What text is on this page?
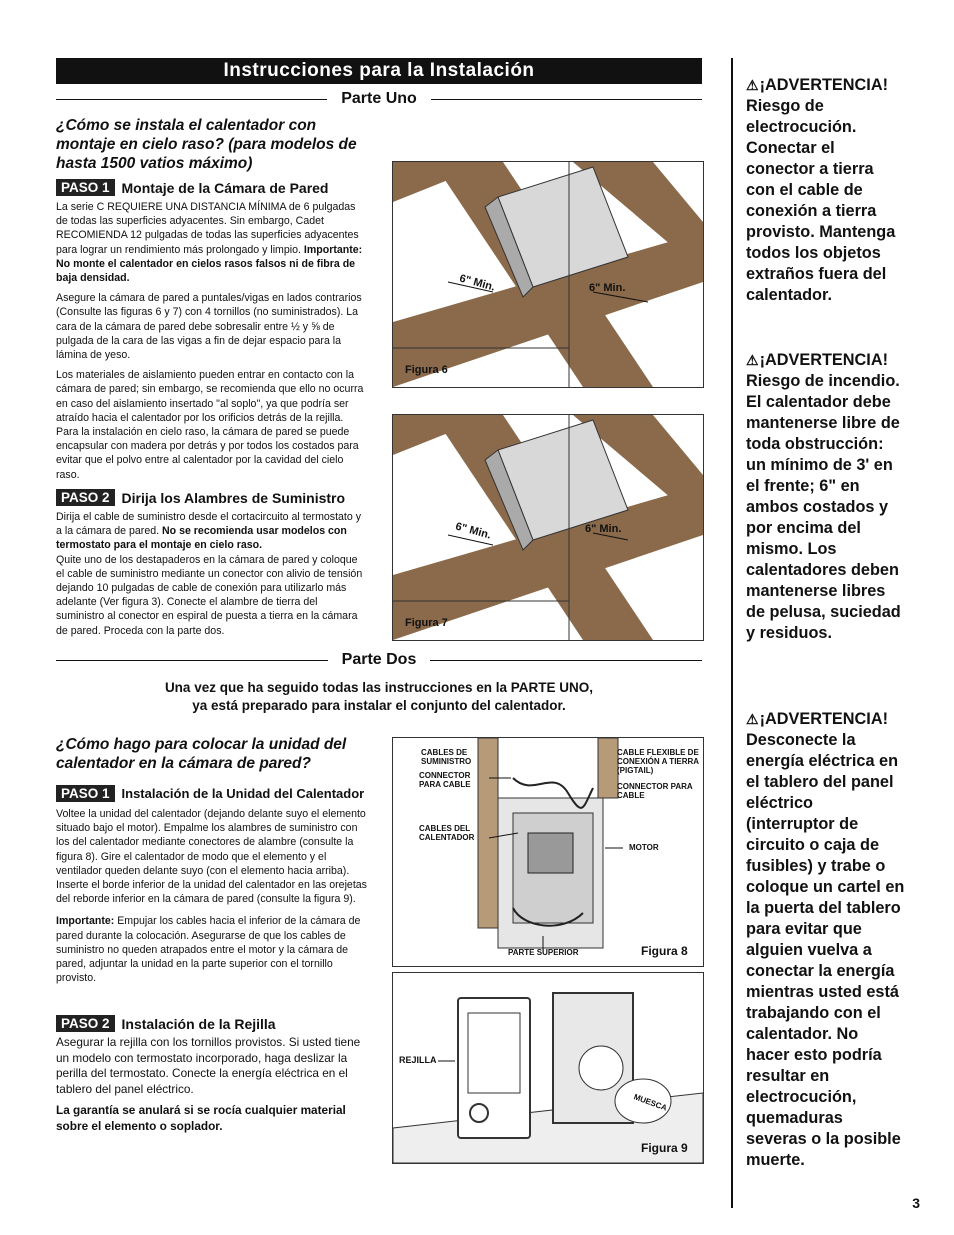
Instrucciones para la Instalación
Parte Uno
¿Cómo se instala el calentador con montaje en cielo raso? (para modelos de hasta 1500 vatios máximo)
PASO 1 Montaje de la Cámara de Pared
La serie C REQUIERE UNA DISTANCIA MÍNIMA de 6 pulgadas de todas las superficies adyacentes. Sin embargo, Cadet RECOMIENDA 12 pulgadas de todas las superficies adyacentes para lograr un rendimiento más prolongado y limpio. Importante: No monte el calentador en cielos rasos falsos ni de fibra de baja densidad.
Asegure la cámara de pared a puntales/vigas en lados contrarios (Consulte las figuras 6 y 7) con 4 tornillos (no suministrados). La cara de la cámara de pared debe sobresalir entre ½ y ⅝ de pulgada de la cara de las vigas a fin de dejar espacio para la lámina de yeso.
Los materiales de aislamiento pueden entrar en contacto con la cámara de pared; sin embargo, se recomienda que ello no ocurra en caso del aislamiento insertado "al soplo", ya que podría ser atraído hacia el calentador por los orificios detrás de la rejilla. Para la instalación en cielo raso, la cámara de pared se puede encapsular con madera por detrás y por todos los costados para evitar que el polvo entre al calentador por la cavidad del cielo raso.
PASO 2 Dirija los Alambres de Suministro
Dirija el cable de suministro desde el cortacircuito al termostato y a la cámara de pared. No se recomienda usar modelos con termostato para el montaje en cielo raso.
Quite uno de los destapaderos en la cámara de pared y coloque el cable de suministro mediante un conector con alivio de tensión dejando 10 pulgadas de cable de conexión para utilizarlo más adelante (Ver figura 3). Conecte el alambre de tierra del suministro al conector en espiral de puesta a tierra en la cámara de pared. Proceda con la parte dos.
6" Min.	6" Min.
Figura 6
6" Min.	6" Min.
Figura 7
Parte Dos
Una vez que ha seguido todas las instrucciones en la PARTE UNO,
ya está preparado para instalar el conjunto del calentador.
¿Cómo hago para colocar la unidad del calentador en la cámara de pared?
PASO 1 Instalación de la Unidad del Calentador
Voltee la unidad del calentador (dejando delante suyo el elemento situado bajo el motor). Empalme los alambres de suministro con los del calentador mediante conectores de alambre (consulte la figura 8). Gire el calentador de modo que el elemento y el ventilador queden delante suyo (con el elemento hacia arriba). Inserte el borde inferior de la unidad del calentador en las orejetas del reborde inferior en la cámara de pared (consulte la figura 9).
Importante: Empujar los cables hacia el inferior de la cámara de pared durante la colocación. Asegurarse de que los cables de suministro no queden atrapados entre el motor y la cámara de pared, adjuntar la unidad en la parte superior con el tornillo provisto.
PASO 2 Instalación de la Rejilla
Asegurar la rejilla con los tornillos provistos. Si usted tiene un modelo con termostato incorporado, haga deslizar la perilla del termostato. Conecte la energía eléctrica en el tablero del panel eléctrico.
La garantía se anulará si se rocía cualquier material sobre el elemento o soplador.
CABLES DE SUMINISTRO
CONNECTOR PARA CABLE
CABLES DEL CALENTADOR
CABLE FLEXIBLE DE CONEXIÓN A TIERRA (PIGTAIL)
CONNECTOR PARA CABLE
MOTOR
PARTE SUPERIOR	Figura 8
REJILLA
MUESCA
Figura 9
⚠ ¡ADVERTENCIA!
Riesgo de electrocución. Conectar el conector a tierra con el cable de conexión a tierra provisto. Mantenga todos los objetos extraños fuera del calentador.
⚠ ¡ADVERTENCIA!
Riesgo de incendio. El calentador debe mantenerse libre de toda obstrucción: un mínimo de 3' en el frente; 6" en ambos costados y por encima del mismo. Los calentadores deben mantenerse libres de pelusa, suciedad y residuos.
⚠ ¡ADVERTENCIA!
Desconecte la energía eléctrica en el tablero del panel eléctrico (interruptor de circuito o caja de fusibles) y trabe o coloque un cartel en la puerta del tablero para evitar que alguien vuelva a conectar la energía mientras usted está trabajando con el calentador. No hacer esto podría resultar en electrocución, quemaduras severas o la posible muerte.
3
